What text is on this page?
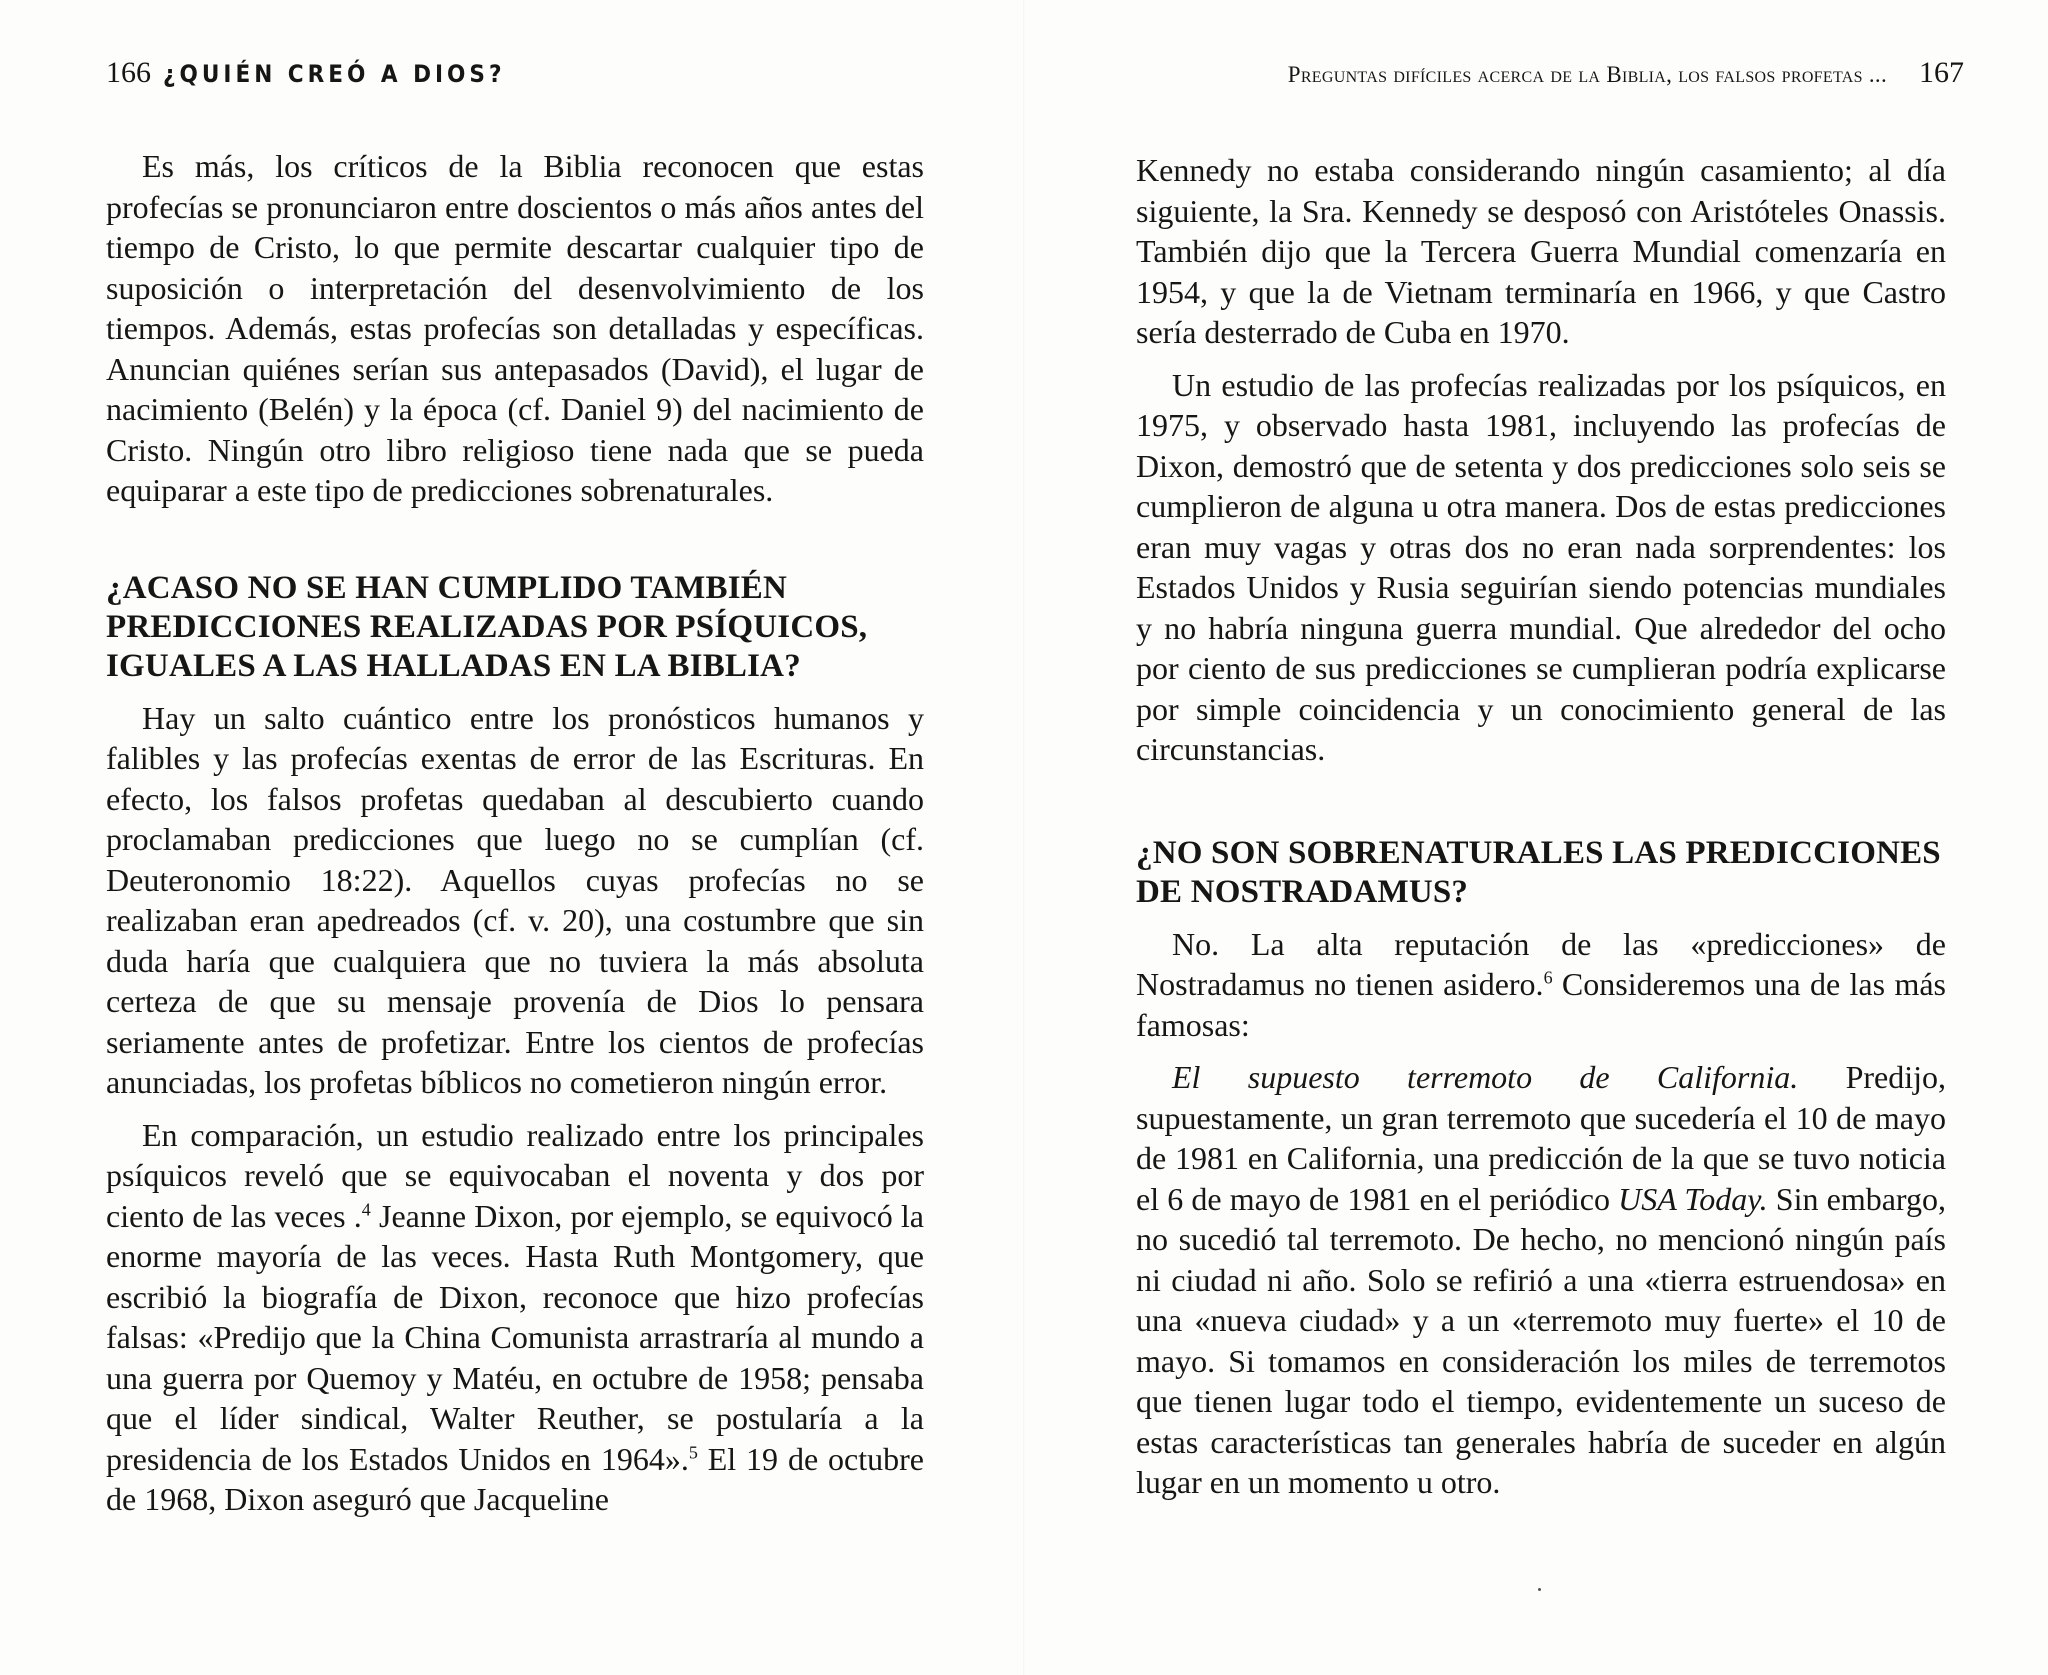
166 ¿QUIÉN CREÓ A DIOS?

Es más, los críticos de la Biblia reconocen que estas profecías se pronunciaron entre doscientos o más años antes del tiempo de Cristo, lo que permite descartar cualquier tipo de suposición o interpretación del desenvolvimiento de los tiempos. Además, estas profecías son detalladas y específicas. Anuncian quiénes serían sus antepasados (David), el lugar de nacimiento (Belén) y la época (cf. Daniel 9) del nacimiento de Cristo. Ningún otro libro religioso tiene nada que se pueda equiparar a este tipo de predicciones sobrenaturales.

¿ACASO NO SE HAN CUMPLIDO TAMBIÉN PREDICCIONES REALIZADAS POR PSÍQUICOS, IGUALES A LAS HALLADAS EN LA BIBLIA?

Hay un salto cuántico entre los pronósticos humanos y falibles y las profecías exentas de error de las Escrituras. En efecto, los falsos profetas quedaban al descubierto cuando proclamaban predicciones que luego no se cumplían (cf. Deuteronomio 18:22). Aquellos cuyas profecías no se realizaban eran apedreados (cf. v. 20), una costumbre que sin duda haría que cualquiera que no tuviera la más absoluta certeza de que su mensaje provenía de Dios lo pensara seriamente antes de profetizar. Entre los cientos de profecías anunciadas, los profetas bíblicos no cometieron ningún error.

En comparación, un estudio realizado entre los principales psíquicos reveló que se equivocaban el noventa y dos por ciento de las veces .$^4$ Jeanne Dixon, por ejemplo, se equivocó la enorme mayoría de las veces. Hasta Ruth Montgomery, que escribió la biografía de Dixon, reconoce que hizo profecías falsas: «Predijo que la China Comunista arrastraría al mundo a una guerra por Quemoy y Matéu, en octubre de 1958; pensaba que el líder sindical, Walter Reuther, se postularía a la presidencia de los Estados Unidos en 1964».$^5$ El 19 de octubre de 1968, Dixon aseguró que Jacqueline

Preguntas difíciles acerca de la Biblia, los falsos profetas ... 167

Kennedy no estaba considerando ningún casamiento; al día siguiente, la Sra. Kennedy se desposó con Aristóteles Onassis. También dijo que la Tercera Guerra Mundial comenzaría en 1954, y que la de Vietnam terminaría en 1966, y que Castro sería desterrado de Cuba en 1970.

Un estudio de las profecías realizadas por los psíquicos, en 1975, y observado hasta 1981, incluyendo las profecías de Dixon, demostró que de setenta y dos predicciones solo seis se cumplieron de alguna u otra manera. Dos de estas predicciones eran muy vagas y otras dos no eran nada sorprendentes: los Estados Unidos y Rusia seguirían siendo potencias mundiales y no habría ninguna guerra mundial. Que alrededor del ocho por ciento de sus predicciones se cumplieran podría explicarse por simple coincidencia y un conocimiento general de las circunstancias.

¿NO SON SOBRENATURALES LAS PREDICCIONES DE NOSTRADAMUS?

No. La alta reputación de las «predicciones» de Nostradamus no tienen asidero.$^6$ Consideremos una de las más famosas:

El supuesto terremoto de California. Predijo, supuestamente, un gran terremoto que sucedería el 10 de mayo de 1981 en California, una predicción de la que se tuvo noticia el 6 de mayo de 1981 en el periódico USA Today. Sin embargo, no sucedió tal terremoto. De hecho, no mencionó ningún país ni ciudad ni año. Solo se refirió a una «tierra estruendosa» en una «nueva ciudad» y a un «terremoto muy fuerte» el 10 de mayo. Si tomamos en consideración los miles de terremotos que tienen lugar todo el tiempo, evidentemente un suceso de estas características tan generales habría de suceder en algún lugar en un momento u otro.
